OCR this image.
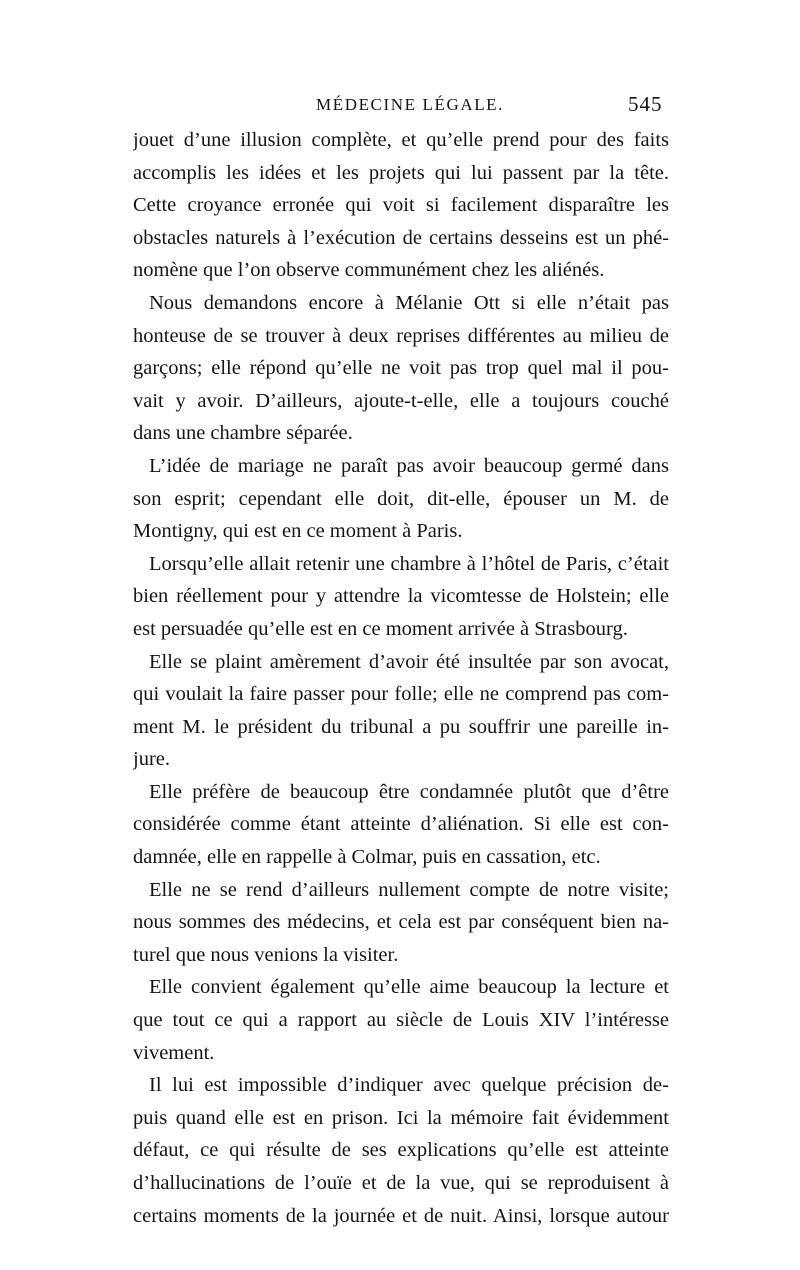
MÉDECINE LÉGALE.	545
jouet d’une illusion complète, et qu’elle prend pour des faits
accomplis les idées et les projets qui lui passent par la tête.
Cette croyance erronée qui voit si facilement disparaître les
obstacles naturels à l’exécution de certains desseins est un phé-
nomène que l’on observe communément chez les aliénés.
Nous demandons encore à Mélanie Ott si elle n’était pas
honteuse de se trouver à deux reprises différentes au milieu de
garçons; elle répond qu’elle ne voit pas trop quel mal il pou-
vait y avoir. D’ailleurs, ajoute-t-elle, elle a toujours couché
dans une chambre séparée.
L’idée de mariage ne paraît pas avoir beaucoup germé dans
son esprit; cependant elle doit, dit-elle, épouser un M. de
Montigny, qui est en ce moment à Paris.
Lorsqu’elle allait retenir une chambre à l’hôtel de Paris, c’était
bien réellement pour y attendre la vicomtesse de Holstein; elle
est persuadée qu’elle est en ce moment arrivée à Strasbourg.
Elle se plaint amèrement d’avoir été insultée par son avocat,
qui voulait la faire passer pour folle; elle ne comprend pas com-
ment M. le président du tribunal a pu souffrir une pareille in-
jure.
Elle préfère de beaucoup être condamnée plutôt que d’être
considérée comme étant atteinte d’aliénation. Si elle est con-
damnée, elle en rappelle à Colmar, puis en cassation, etc.
Elle ne se rend d’ailleurs nullement compte de notre visite;
nous sommes des médecins, et cela est par conséquent bien na-
turel que nous venions la visiter.
Elle convient également qu’elle aime beaucoup la lecture et
que tout ce qui a rapport au siècle de Louis XIV l’intéresse
vivement.
Il lui est impossible d’indiquer avec quelque précision de-
puis quand elle est en prison. Ici la mémoire fait évidemment
défaut, ce qui résulte de ses explications qu’elle est atteinte
d’hallucinations de l’ouïe et de la vue, qui se reproduisent à
certains moments de la journée et de nuit. Ainsi, lorsque autour
